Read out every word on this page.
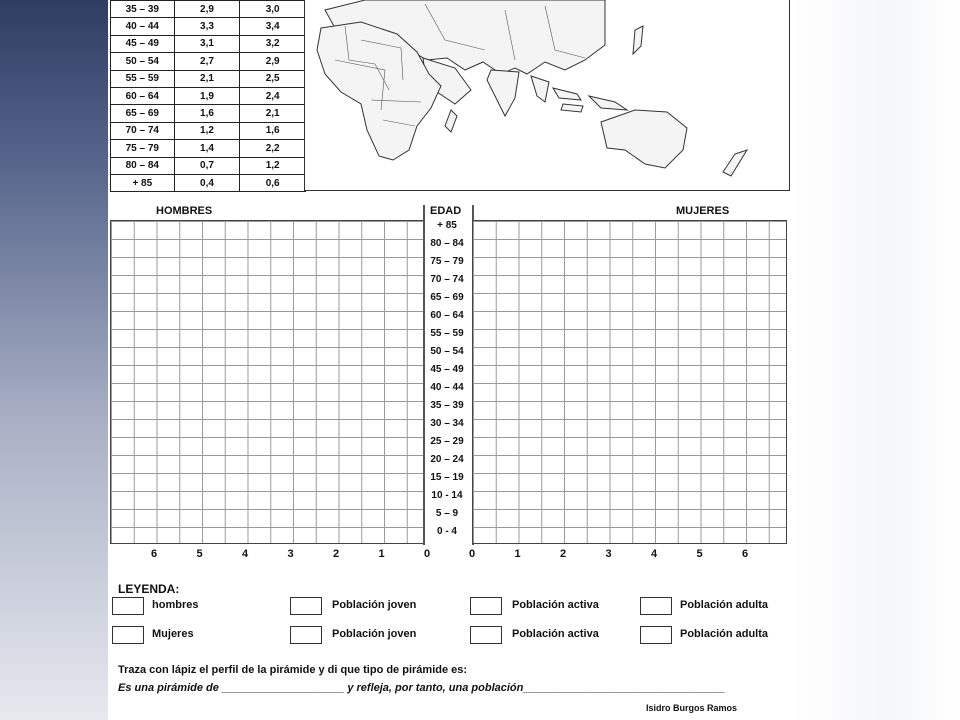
35 – 39	2,9	3,0
40 – 44	3,3	3,4
45 – 49	3,1	3,2
50 – 54	2,7	2,9
55 – 59	2,1	2,5
60 – 64	1,9	2,4
65 – 69	1,6	2,1
70 – 74	1,2	1,6
75 – 79	1,4	2,2
80 – 84	0,7	1,2
+ 85	0,4	0,6
HOMBRES	EDAD	MUJERES
+ 85
80 – 84
75 – 79
70 – 74
65 – 69
60 – 64
55 – 59
50 – 54
45 – 49
40 – 44
35 – 39
30 – 34
25 – 29
20 – 24
15 – 19
10 - 14
5 – 9
0 - 4
6	5	4	3	2	1	0	0	1	2	3	4	5	6
LEYENDA:
hombres	Población joven	Población activa	Población adulta
Mujeres	Población joven	Población activa	Población adulta
Traza con lápiz el perfil de la pirámide y di que tipo de pirámide es:
Es una pirámide de ____________________ y refleja, por tanto, una población_________________________________
Isidro Burgos Ramos
